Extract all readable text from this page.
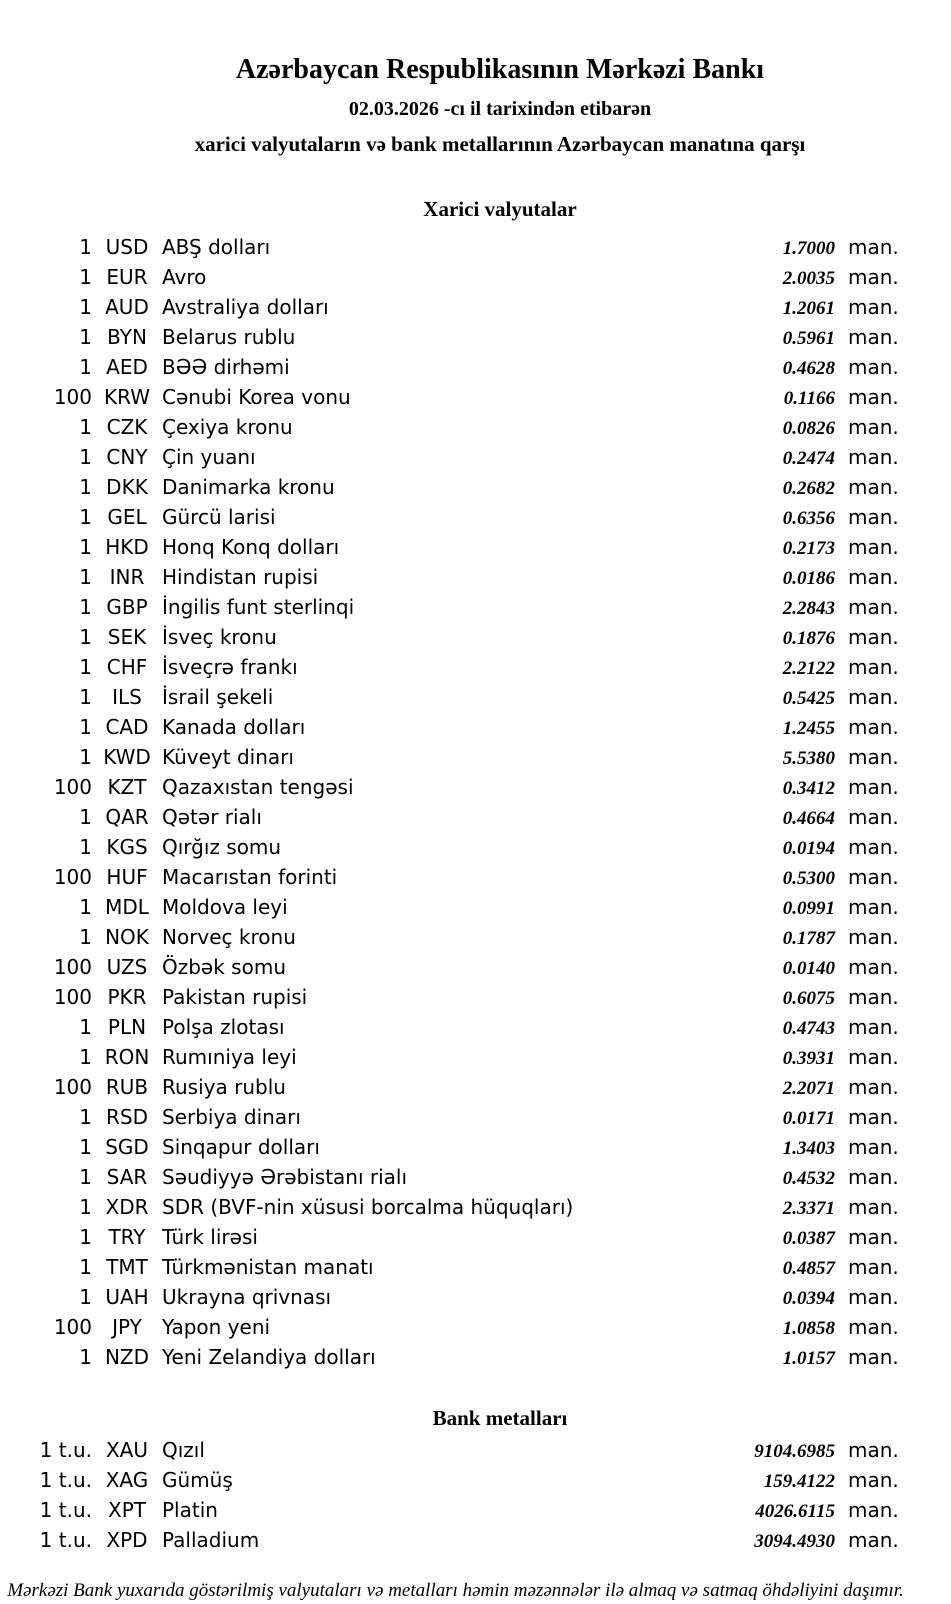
Azərbaycan Respublikasının Mərkəzi Bankı
02.03.2026 -cı il tarixindən etibarən
xarici valyutaların və bank metallarının Azərbaycan manatına qarşı
Xarici valyutalar
1 USD ABŞ dolları	1.7000 man.
1 EUR Avro	2.0035 man.
1 AUD Avstraliya dolları	1.2061 man.
1 BYN Belarus rublu	0.5961 man.
1 AED BƏƏ dirhəmi	0.4628 man.
100 KRW Cənubi Korea vonu	0.1166 man.
1 CZK Çexiya kronu	0.0826 man.
1 CNY Çin yuanı	0.2474 man.
1 DKK Danimarka kronu	0.2682 man.
1 GEL Gürcü larisi	0.6356 man.
1 HKD Honq Konq dolları	0.2173 man.
1 INR Hindistan rupisi	0.0186 man.
1 GBP İngilis funt sterlinqi	2.2843 man.
1 SEK İsveç kronu	0.1876 man.
1 CHF İsveçrə frankı	2.2122 man.
1	ILS	İsrail şekeli	0.5425 man.
1 CAD Kanada dolları	1.2455 man.
1 KWD Küveyt dinarı	5.5380 man.
100 KZT Qazaxıstan tengəsi	0.3412 man.
1 QAR Qətər rialı	0.4664 man.
1 KGS Qırğız somu	0.0194 man.
100 HUF Macarıstan forinti	0.5300 man.
1 MDL Moldova leyi	0.0991 man.
1 NOK Norveç kronu	0.1787 man.
100 UZS Özbək somu	0.0140 man.
100 PKR Pakistan rupisi	0.6075 man.
1 PLN Polşa zlotası	0.4743 man.
1 RON Rumıniya leyi	0.3931 man.
100 RUB Rusiya rublu	2.2071 man.
1 RSD Serbiya dinarı	0.0171 man.
1 SGD Sinqapur dolları	1.3403 man.
1 SAR Səudiyyə Ərəbistanı rialı	0.4532 man.
1 XDR SDR (BVF-nin xüsusi borcalma hüquqları)	2.3371 man.
1 TRY Türk lirəsi	0.0387 man.
1 TMT Türkmənistan manatı	0.4857 man.
1 UAH Ukrayna qrivnası	0.0394 man.
100	JPY	Yapon yeni	1.0858 man.
1 NZD Yeni Zelandiya dolları	1.0157 man.
Bank metalları
1 t.u. XAU Qızıl	9104.6985 man.
1 t.u. XAG Gümüş	159.4122 man.
1 t.u. XPT Platin	4026.6115 man.
1 t.u. XPD Palladium	3094.4930 man.
Mərkəzi Bank yuxarıda göstərilmiş valyutaları və metalları həmin məzənnələr ilə almaq və satmaq öhdəliyini daşımır.
